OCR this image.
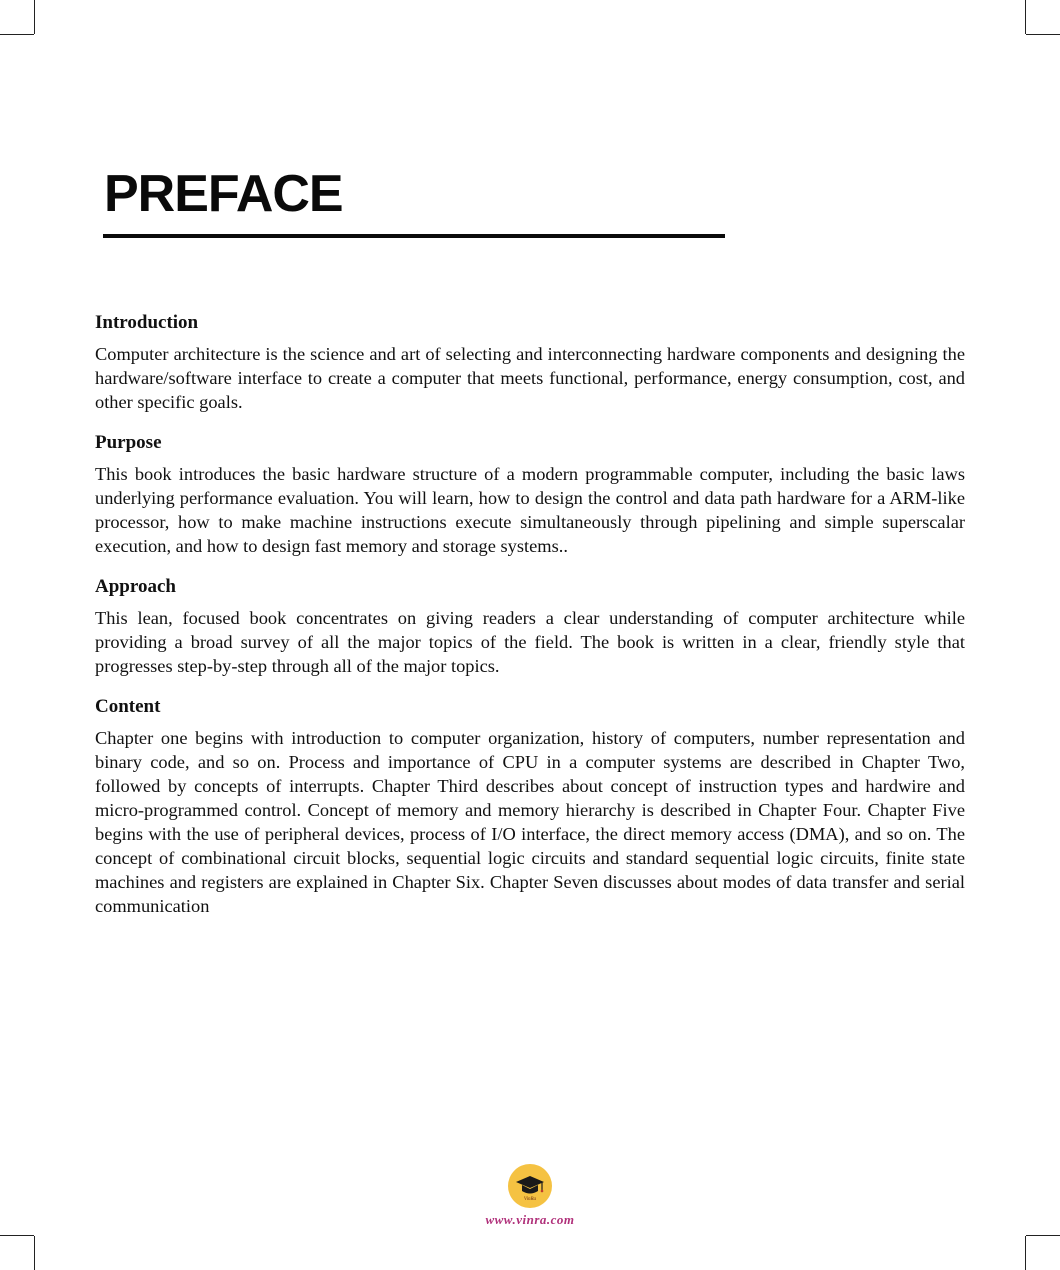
PREFACE
Introduction

Computer architecture is the science and art of selecting and interconnecting hardware components and designing the hardware/software interface to create a computer that meets functional, performance, energy consumption, cost, and other specific goals.

Purpose

This book introduces the basic hardware structure of a modern programmable computer, including the basic laws underlying performance evaluation. You will learn, how to design the control and data path hardware for a ARM-like processor, how to make machine instructions execute simultaneously through pipelining and simple superscalar execution, and how to design fast memory and storage systems..

Approach

This lean, focused book concentrates on giving readers a clear understanding of computer architecture while providing a broad survey of all the major topics of the field. The book is written in a clear, friendly style that progresses step-by-step through all of the major topics.

Content

Chapter one begins with introduction to computer organization, history of computers, number representation and binary code, and so on. Process and importance of CPU in a computer systems are described in Chapter Two, followed by concepts of interrupts. Chapter Third describes about concept of instruction types and hardwire and micro-programmed control. Concept of memory and memory hierarchy is described in Chapter Four. Chapter Five begins with the use of peripheral devices, process of I/O interface, the direct memory access (DMA), and so on. The concept of combinational circuit blocks, sequential logic circuits and standard sequential logic circuits, finite state machines and registers are explained in Chapter Six. Chapter Seven discusses about modes of data transfer and serial communication

VinRa
www.vinra.com
